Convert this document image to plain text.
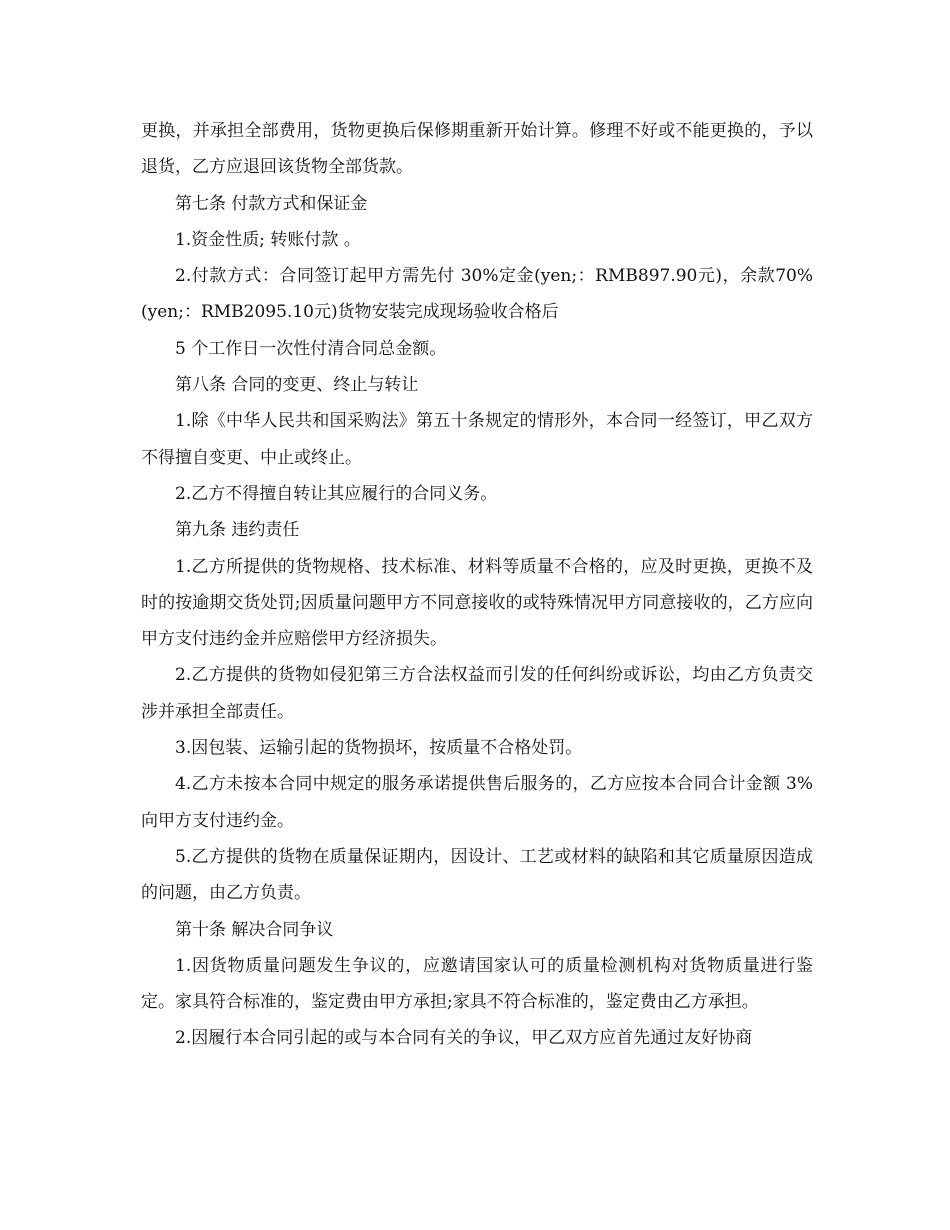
更换，并承担全部费用，货物更换后保修期重新开始计算。修理不好或不能更换的，予以退货，乙方应退回该货物全部货款。

第七条 付款方式和保证金

1.资金性质; 转账付款 。

2.付款方式：合同签订起甲方需先付 30%定金(yen;：RMB897.90元)，余款70%(yen;：RMB2095.10元)货物安装完成现场验收合格后

5 个工作日一次性付清合同总金额。

第八条 合同的变更、终止与转让

1.除《中华人民共和国采购法》第五十条规定的情形外，本合同一经签订，甲乙双方不得擅自变更、中止或终止。

2.乙方不得擅自转让其应履行的合同义务。

第九条 违约责任

1.乙方所提供的货物规格、技术标准、材料等质量不合格的，应及时更换，更换不及时的按逾期交货处罚;因质量问题甲方不同意接收的或特殊情况甲方同意接收的，乙方应向甲方支付违约金并应赔偿甲方经济损失。

2.乙方提供的货物如侵犯第三方合法权益而引发的任何纠纷或诉讼，均由乙方负责交涉并承担全部责任。

3.因包装、运输引起的货物损坏，按质量不合格处罚。

4.乙方未按本合同中规定的服务承诺提供售后服务的，乙方应按本合同合计金额 3%向甲方支付违约金。

5.乙方提供的货物在质量保证期内，因设计、工艺或材料的缺陷和其它质量原因造成的问题，由乙方负责。

第十条 解决合同争议

1.因货物质量问题发生争议的，应邀请国家认可的质量检测机构对货物质量进行鉴定。家具符合标准的，鉴定费由甲方承担;家具不符合标准的，鉴定费由乙方承担。

2.因履行本合同引起的或与本合同有关的争议，甲乙双方应首先通过友好协商
